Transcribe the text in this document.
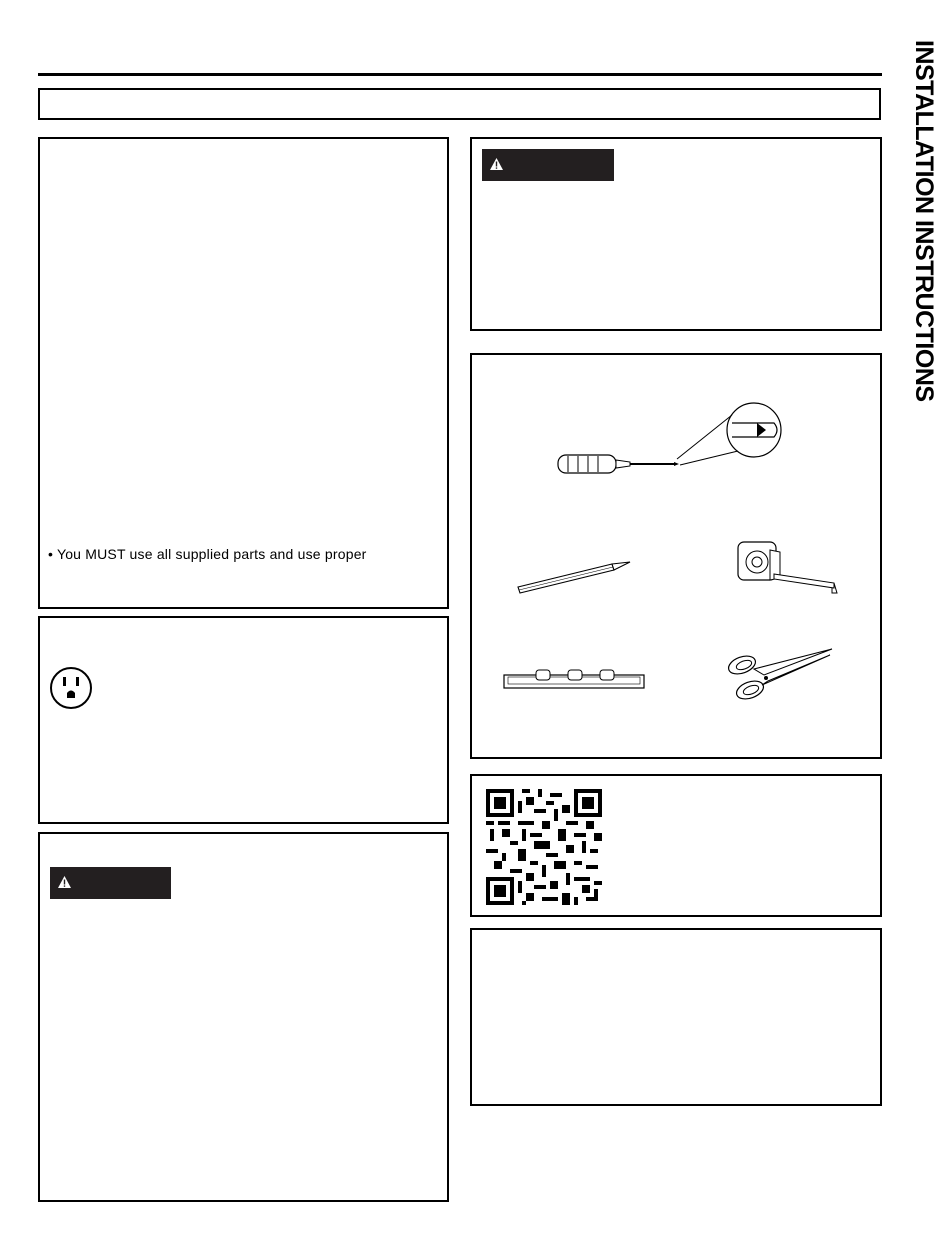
INSTALLATION INSTRUCTIONS
• You MUST use all supplied parts and use proper
